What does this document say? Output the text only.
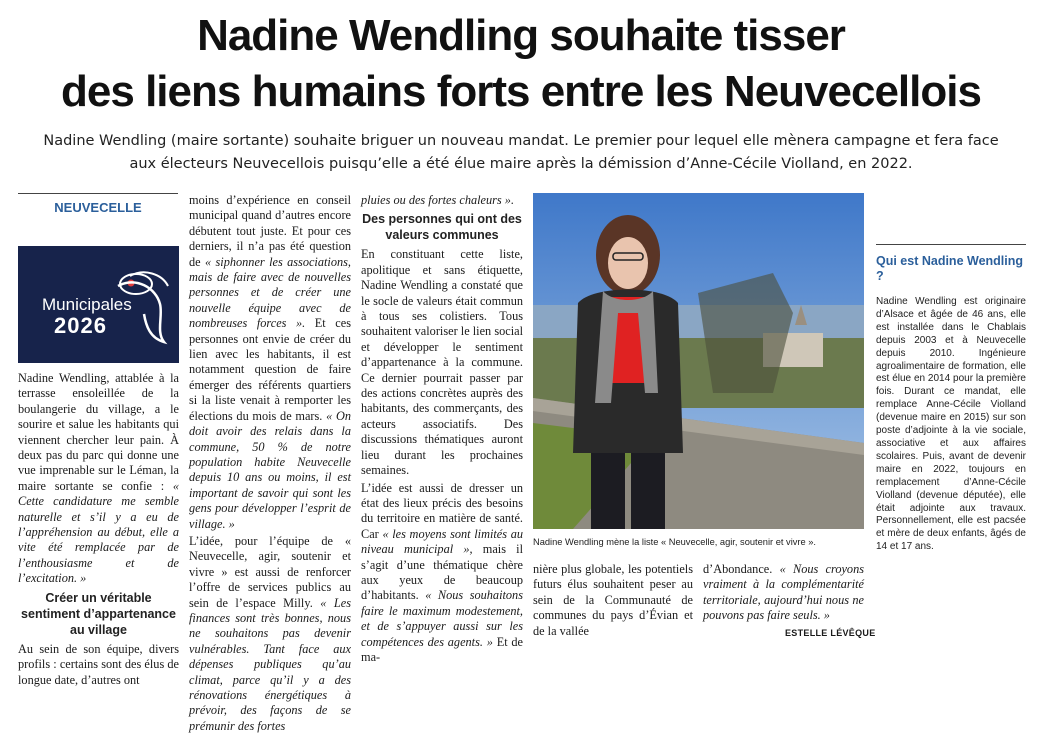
Nadine Wendling souhaite tisser
des liens humains forts entre les Neuvecellois
Nadine Wendling (maire sortante) souhaite briguer un nouveau mandat. Le premier pour lequel elle mènera campagne et fera face aux électeurs Neuvecellois puisqu’elle a été élue maire après la démission d’Anne-Cécile Violland, en 2022.
NEUVECELLE
Municipales
2026

Nadine Wendling, attablée à la terrasse ensoleillée de la boulangerie du village, a le sourire et salue les habitants qui viennent chercher leur pain. À deux pas du parc qui donne une vue imprenable sur le Léman, la maire sortante se confie : « Cette candidature me semble naturelle et s’il y a eu de l’appréhension au début, elle a vite été remplacée par de l’enthousiasme et de l’excitation. »

Créer un véritable sentiment d’appartenance au village

Au sein de son équipe, divers profils : certains sont des élus de longue date, d’autres ont

moins d’expérience en conseil municipal quand d’autres encore débutent tout juste. Et pour ces derniers, il n’a pas été question de « siphonner les associations, mais de faire avec de nouvelles personnes et de créer une nouvelle équipe avec de nombreuses forces ». Et ces personnes ont envie de créer du lien avec les habitants, il est notamment question de faire émerger des référents quartiers si la liste venait à remporter les élections du mois de mars. « On doit avoir des relais dans la commune, 50 % de notre population habite Neuvecelle depuis 10 ans ou moins, il est important de savoir qui sont les gens pour développer l’esprit de village. »

L’idée, pour l’équipe de « Neuvecelle, agir, soutenir et vivre » est aussi de renforcer l’offre de services publics au sein de l’espace Milly. « Les finances sont très bonnes, nous ne souhaitons pas devenir vulnérables. Tant face aux dépenses publiques qu’au climat, parce qu’il y a des rénovations énergétiques à prévoir, des façons de se prémunir des fortes

pluies ou des fortes chaleurs ».

Des personnes qui ont des valeurs communes

En constituant cette liste, apolitique et sans étiquette, Nadine Wendling a constaté que le socle de valeurs était commun à tous ses colistiers. Tous souhaitent valoriser le lien social et développer le sentiment d’appartenance à la commune. Ce dernier pourrait passer par des actions concrètes auprès des habitants, des commerçants, des acteurs associatifs. Des discussions thématiques auront lieu durant les prochaines semaines.

L’idée est aussi de dresser un état des lieux précis des besoins du territoire en matière de santé. Car « les moyens sont limités au niveau municipal », mais il s’agit d’une thématique chère aux yeux de beaucoup d’habitants. « Nous souhaitons faire le maximum modestement, et de s’appuyer aussi sur les compétences des agents. » Et de ma-

Nadine Wendling mène la liste « Neuvecelle, agir, soutenir et vivre ».

nière plus globale, les potentiels futurs élus souhaitent peser au sein de la Communauté de communes du pays d’Évian et de la vallée

d’Abondance. « Nous croyons vraiment à la complémentarité territoriale, aujourd’hui nous ne pouvons pas faire seuls. »

ESTELLE LÉVÊQUE
Qui est Nadine Wendling ?
Nadine Wendling est originaire d’Alsace et âgée de 46 ans, elle est installée dans le Chablais depuis 2003 et à Neuvecelle depuis 2010. Ingénieure agroalimentaire de formation, elle est élue en 2014 pour la première fois. Durant ce mandat, elle remplace Anne-Cécile Violland (devenue maire en 2015) sur son poste d’adjointe à la vie sociale, associative et aux affaires scolaires. Puis, avant de devenir maire en 2022, toujours en remplacement d’Anne-Cécile Violland (devenue députée), elle était adjointe aux travaux. Personnellement, elle est pacsée et mère de deux enfants, âgés de 14 et 17 ans.
